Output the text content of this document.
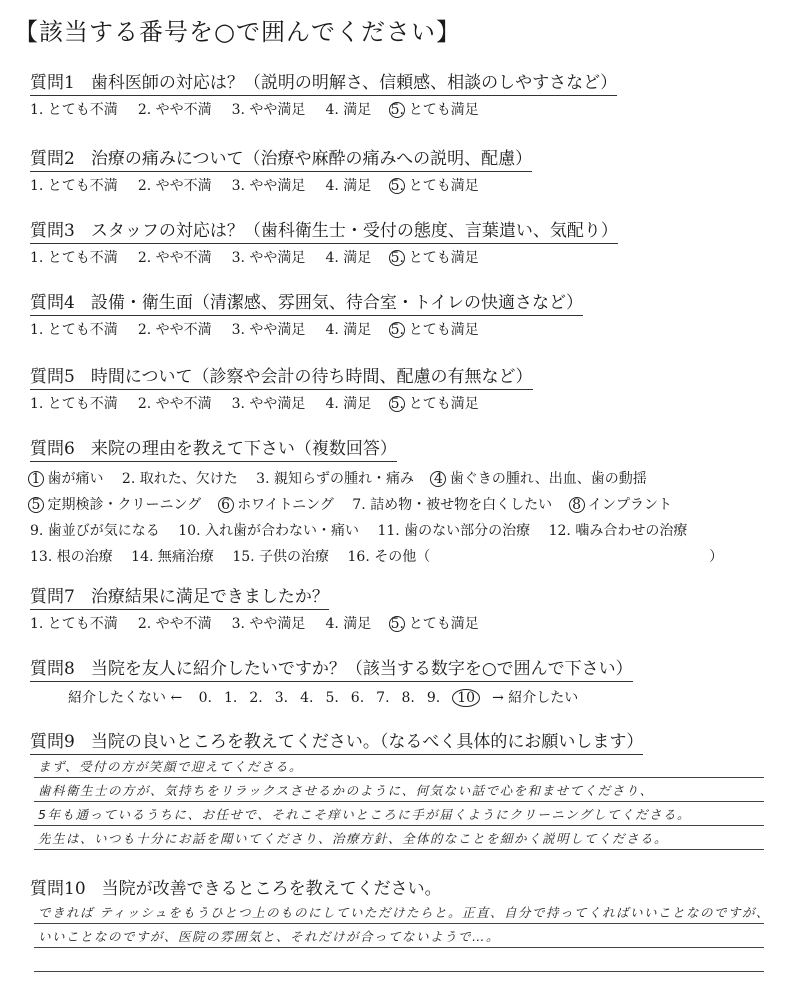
【該当する番号を○で囲んでください】
質問1 歯科医師の対応は？（説明の明解さ、信頼感、相談のしやすさなど）
1. とても不満 2. やや不満 3. やや満足 4. 満足 5. とても満足
質問2 治療の痛みについて（治療や麻酔の痛みへの説明、配慮）
1. とても不満 2. やや不満 3. やや満足 4. 満足 5. とても満足
質問3 スタッフの対応は？（歯科衛生士・受付の態度、言葉遣い、気配り）
1. とても不満 2. やや不満 3. やや満足 4. 満足 5. とても満足
質問4 設備・衛生面（清潔感、雰囲気、待合室・トイレの快適さなど）
1. とても不満 2. やや不満 3. やや満足 4. 満足 5. とても満足
質問5 時間について（診察や会計の待ち時間、配慮の有無など）
1. とても不満 2. やや不満 3. やや満足 4. 満足 5. とても満足
質問6 来院の理由を教えて下さい（複数回答）
1 歯が痛い 2. 取れた、欠けた 3. 親知らずの腫れ・痛み 4 歯ぐきの腫れ、出血、歯の動揺
5 定期検診・クリーニング 6 ホワイトニング 7. 詰め物・被せ物を白くしたい 8 インプラント
9. 歯並びが気になる 10. 入れ歯が合わない・痛い 11. 歯のない部分の治療 12. 噛み合わせの治療
13. 根の治療 14. 無痛治療 15. 子供の治療 16. その他（	）
質問7 治療結果に満足できましたか？
1. とても不満 2. やや不満 3. やや満足 4. 満足 5. とても満足
質問8 当院を友人に紹介したいですか？（該当する数字を○で囲んで下さい）
紹介したくない ← 0. 1. 2. 3. 4. 5. 6. 7. 8. 9. 10 → 紹介したい
質問9 当院の良いところを教えてください。（なるべく具体的にお願いします）
まず、受付の方が笑顔で迎えてくださる。
歯科衛生士の方が、気持ちをリラックスさせるかのように、何気ない話で心を和ませてくださり、
5年も通っているうちに、お任せで、それこそ痒いところに手が届くようにクリーニングしてくださる。
先生は、いつも十分にお話を聞いてくださり、治療方針、全体的なことを細かく説明してくださる。
質問10 当院が改善できるところを教えてください。
できれば ティッシュをもうひとつ上のものにしていただけたらと。正直、自分で持ってくればいいことなのですが、
いいことなのですが、医院の雰囲気と、それだけが合ってないようで…。
